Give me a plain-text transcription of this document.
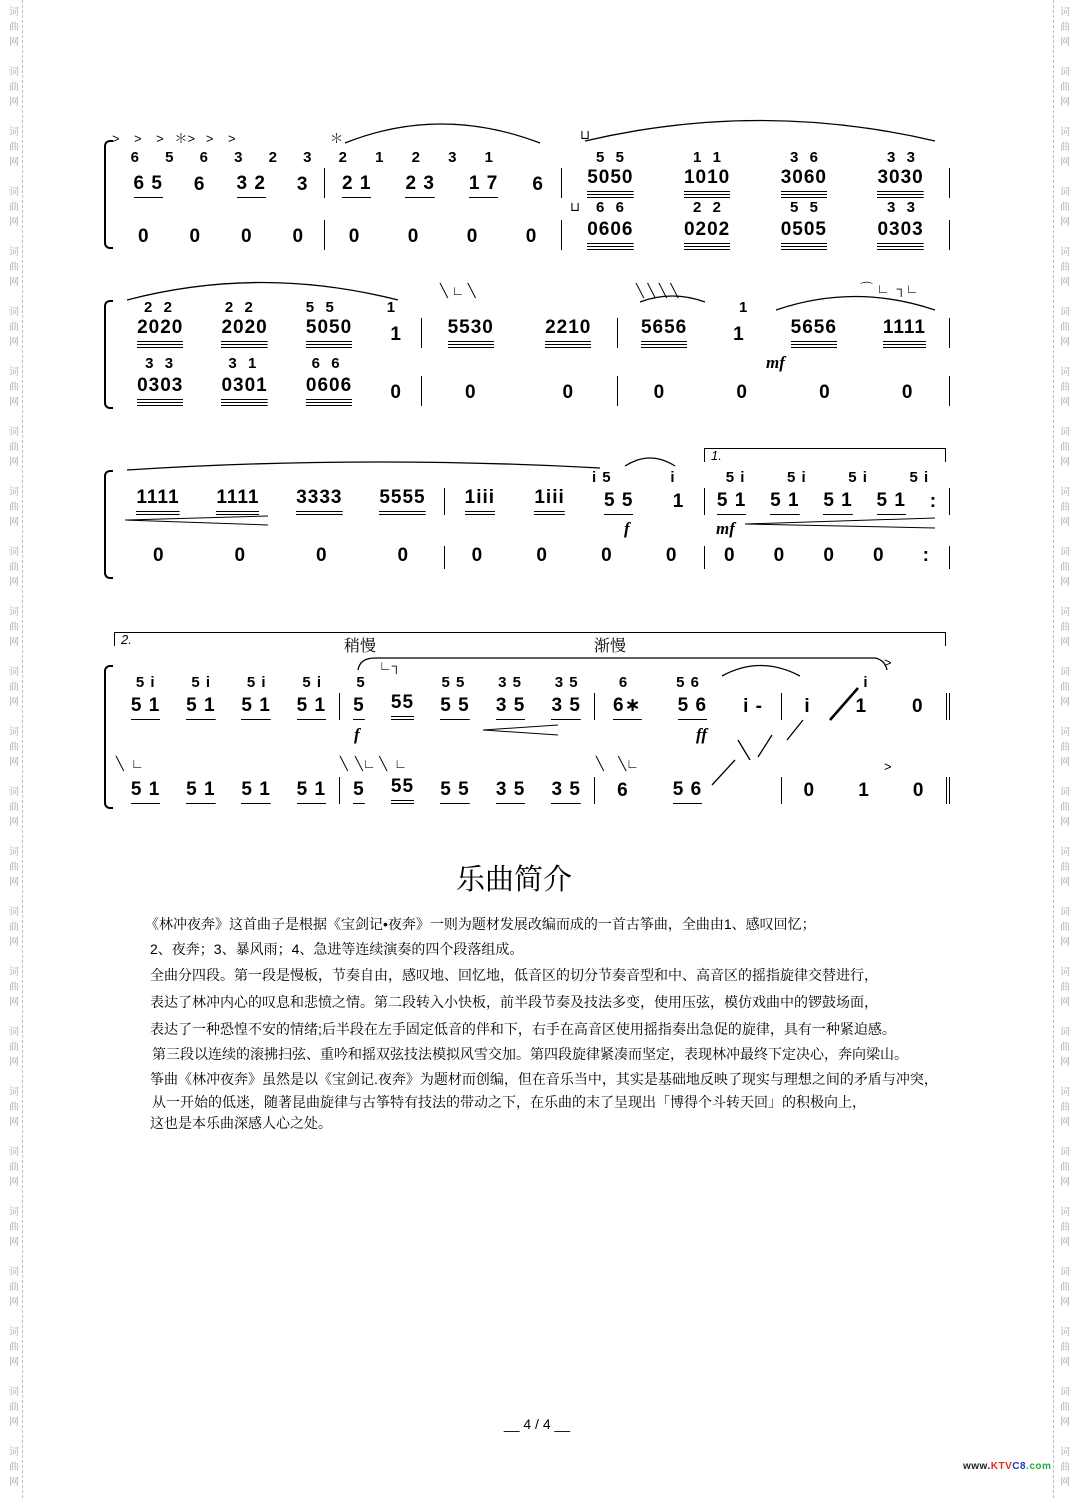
词
曲
网
词
曲
网
词
曲
网
词
曲
网
词
曲
网
词
曲
网
词
曲
网
词
曲
网
词
曲
网
词
曲
网
词
曲
网
词
曲
网
词
曲
网
词
曲
网
词
曲
网
词
曲
网
词
曲
网
词
曲
网
词
曲
网
词
曲
网
词
曲
网
词
曲
网
词
曲
网
词
曲
网
词
曲
网
词
曲
网
词
曲
网
词
曲
网
词
曲
网
词
曲
网
词
曲
网
词
曲
网
词
曲
网
词
曲
网
词
曲
网
词
曲
网
词
曲
网
词
曲
网
词
曲
网
词
曲
网
词
曲
网
词
曲
网
词
曲
网
词
曲
网
词
曲
网
词
曲
网
词
曲
网
词
曲
网
词
曲
网
词
曲
网
6 5 6 3 2 3 2 1 2 3 1	5  5	1  1	3  6	3  3
6 5 6 3 2 3 2 1 2 3 1 7 6 5050	1010	3060	3030
6  6	2  2	5  5	3  3
0 0 0 0 0 0 0 0	0606	0202	0505	0303
>    >    >   ＊>   >    >	＊	⊔
⊔
2  2	2  2	5  5	1	1
2020 2020 5050 1 5530	2210	5656 1 5656 1111
3  3	3  1	6  6
0303 0301 0606 0	0	0	0	0	0	0
╲ ∟ ╲	╲ ╲ ╲ ╲	⌒ ∟  ┐∟
mf
i 5	i	5 i	5 i	5 i	5 i
1111 1111 3333 5555 1iii 1iii 5 5 1 5 1 5 1 5 1 5 1 :
0	0	0	0	0	0	0	0 0 0 0 0 :
f	mf
1.
5 i 5 i 5 i 5 i 5
	5 5 3 5 3 5	6	5 6

	i

5 1 5 1 5 1 5 1 5 55 5 5 3 5 3 5 6∗ 5 6 i - i 1 0
5 1 5 1 5 1 5 1 5 55 5 5 3 5 3 5 6 5 6
	0 1 0
╲  ∟	╲  ╲∟ ╲  ∟	╲    ╲∟
∟┐	>
>
f	ff
2.	稍慢	渐慢
乐曲简介
《林冲夜奔》这首曲子是根据《宝剑记•夜奔》一则为题材发展改编而成的一首古筝曲，全曲由1、感叹回忆；
2、夜奔；3、暴风雨；4、急进等连续演奏的四个段落组成。
全曲分四段。第一段是慢板，节奏自由，感叹地、回忆地，低音区的切分节奏音型和中、高音区的摇指旋律交替进行，
表达了林冲内心的叹息和悲愤之情。第二段转入小快板，前半段节奏及技法多变，使用压弦，模仿戏曲中的锣鼓场面，
表达了一种恐惶不安的情绪;后半段在左手固定低音的伴和下，右手在高音区使用摇指奏出急促的旋律，具有一种紧迫感。
第三段以连续的滚拂扫弦、重吟和摇双弦技法模拟风雪交加。第四段旋律紧凑而坚定，表现林冲最终下定决心，奔向梁山。
筝曲《林冲夜奔》虽然是以《宝剑记.夜奔》为题材而创编，但在音乐当中，其实是基础地反映了现实与理想之间的矛盾与冲突，
从一开始的低迷，随著昆曲旋律与古筝特有技法的带动之下，在乐曲的末了呈现出「博得个斗转天回」的积极向上，
这也是本乐曲深感人心之处。
__ 4 / 4 __
www.KTVC8.com
